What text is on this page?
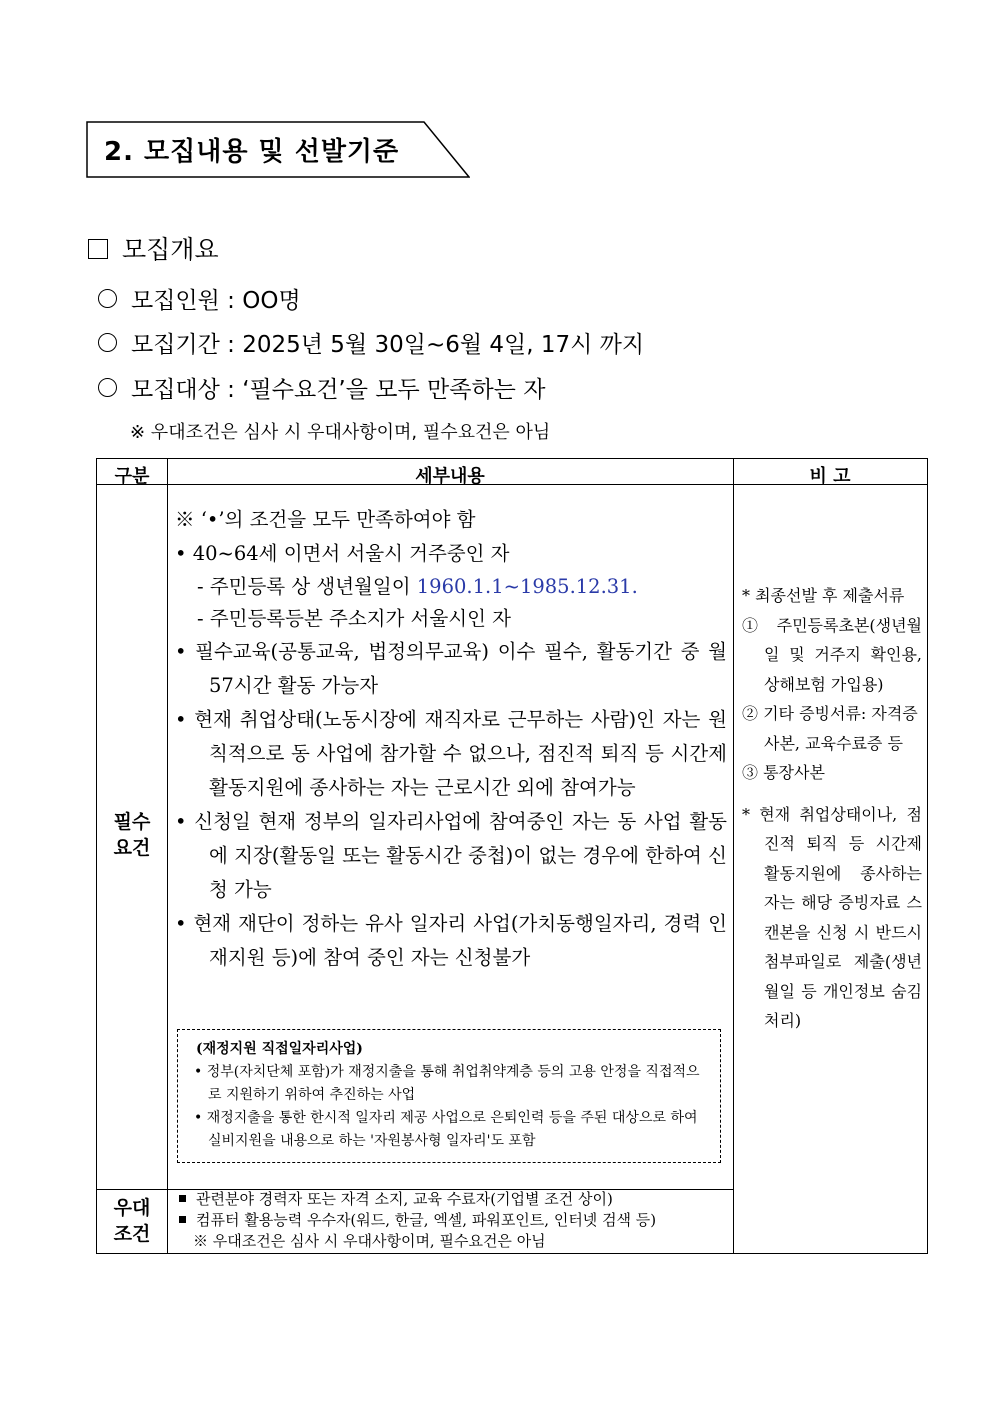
2. 모집내용 및 선발기준
모집개요
모집인원 : OO명
모집기간 : 2025년 5월 30일~6월 4일, 17시 까지
모집대상 : ‘필수요건’을 모두 만족하는 자
※ 우대조건은 심사 시 우대사항이며, 필수요건은 아님
구분	세부내용	비 고
필수
요건

※ ‘•’의 조건을 모두 만족하여야 함

• 40~64세 이면서 서울시 거주중인 자

- 주민등록 상 생년월일이 1960.1.1~1985.12.31.

- 주민등록등본 주소지가 서울시인 자

• 필수교육(공통교육, 법정의무교육) 이수 필수, 활동기간 중 월 57시간 활동 가능자

• 현재 취업상태(노동시장에 재직자로 근무하는 사람)인 자는 원칙적으로 동 사업에 참가할 수 없으나, 점진적 퇴직 등 시간제 활동지원에 종사하는 자는 근로시간 외에 참여가능

• 신청일 현재 정부의 일자리사업에 참여중인 자는 동 사업 활동에 지장(활동일 또는 활동시간 중첩)이 없는 경우에 한하여 신청 가능

• 현재 재단이 정하는 유사 일자리 사업(가치동행일자리, 경력 인재지원 등)에 참여 중인 자는 신청불가

(재정지원 직접일자리사업)
• 정부(자치단체 포함)가 재정지출을 통해 취업취약계층 등의 고용 안정을 직접적으로 지원하기 위하여 추진하는 사업
• 재정지출을 통한 한시적 일자리 제공 사업으로 은퇴인력 등을 주된 대상으로 하여 실비지원을 내용으로 하는 '자원봉사형 일자리'도 포함

* 최종선발 후 제출서류

① 주민등록초본(생년월일 및 거주지 확인용, 상해보험 가입용)

② 기타 증빙서류: 자격증 사본, 교육수료증 등

③ 통장사본

* 현재 취업상태이나, 점진적 퇴직 등 시간제 활동지원에 종사하는 자는 해당 증빙자료 스캔본을 신청 시 반드시 첨부파일로 제출(생년월일 등 개인정보 숨김 처리)

우대
조건

관련분야 경력자 또는 자격 소지, 교육 수료자(기업별 조건 상이)

컴퓨터 활용능력 우수자(워드, 한글, 엑셀, 파워포인트, 인터넷 검색 등)

※ 우대조건은 심사 시 우대사항이며, 필수요건은 아님
